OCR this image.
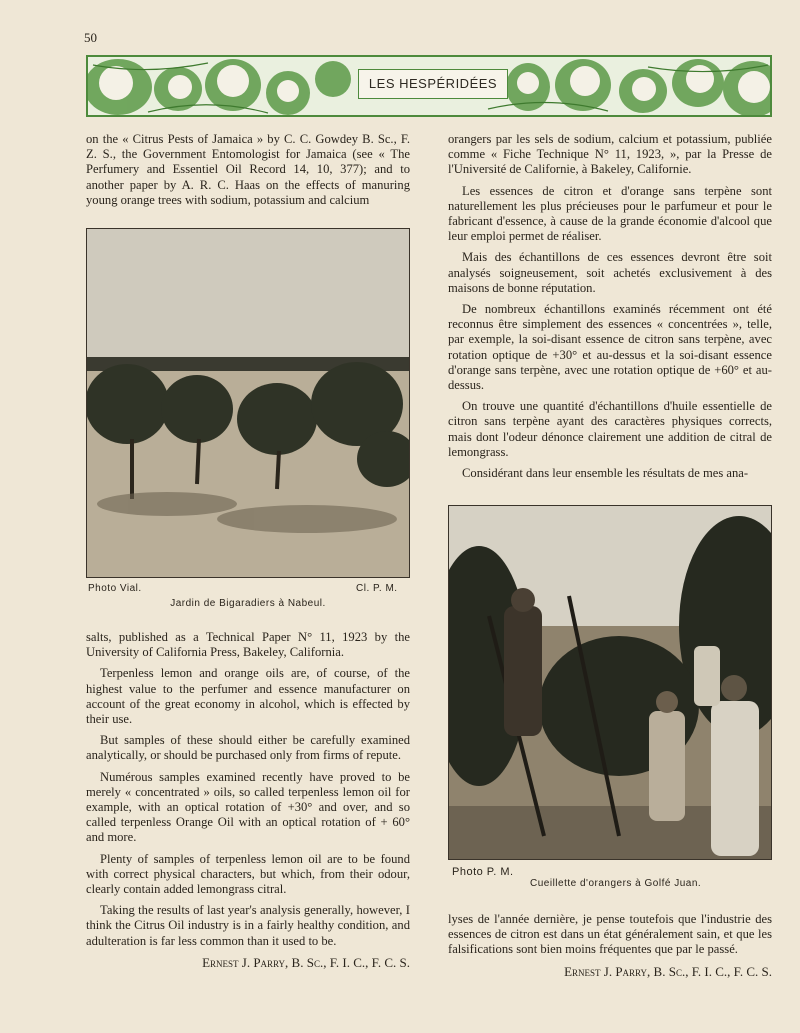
50
LES HESPÉRIDÉES

on the « Citrus Pests of Jamaica » by C. C. Gowdey B. Sc., F. Z. S., the Government Entomologist for Jamaica (see « The Perfumery and Essentiel Oil Record 14, 10, 377); and to another paper by A. R. C. Haas on the effects of manuring young orange trees with sodium, potassium and calcium

Photo Vial.	Cl. P. M.
Jardin de Bigaradiers à Nabeul.

salts, published as a Technical Paper N° 11, 1923 by the University of California Press, Bakeley, California.

Terpenless lemon and orange oils are, of course, of the highest value to the perfumer and essence manufacturer on account of the great economy in alcohol, which is effected by their use.

But samples of these should either be carefully examined analytically, or should be purchased only from firms of repute.

Numérous samples examined recently have proved to be merely « concentrated » oils, so called terpenless lemon oil for example, with an optical rotation of +30° and over, and so called terpenless Orange Oil with an optical rotation of + 60° and more.

Plenty of samples of terpenless lemon oil are to be found with correct physical characters, but which, from their odour, clearly contain added lemongrass citral.

Taking the results of last year's analysis generally, however, I think the Citrus Oil industry is in a fairly healthy condition, and adulteration is far less common than it used to be.

Ernest J. Parry, B. Sc., F. I. C., F. C. S.

orangers par les sels de sodium, calcium et potassium, publiée comme « Fiche Technique N° 11, 1923, », par la Presse de l'Université de Californie, à Bakeley, Californie.

Les essences de citron et d'orange sans terpène sont naturellement les plus précieuses pour le parfumeur et pour le fabricant d'essence, à cause de la grande économie d'alcool que leur emploi permet de réaliser.

Mais des échantillons de ces essences devront être soit analysés soigneusement, soit achetés exclusivement à des maisons de bonne réputation.

De nombreux échantillons examinés récemment ont été reconnus être simplement des essences « concentrées », telle, par exemple, la soi-disant essence de citron sans terpène, avec rotation optique de +30° et au-dessus et la soi-disant essence d'orange sans terpène, avec une rotation optique de +60° et au-dessus.

On trouve une quantité d'échantillons d'huile essentielle de citron sans terpène ayant des caractères physiques corrects, mais dont l'odeur dénonce clairement une addition de citral de lemongrass.

Considérant dans leur ensemble les résultats de mes ana-

Photo P. M.
Cueillette d'orangers à Golfé Juan.

lyses de l'année dernière, je pense toutefois que l'industrie des essences de citron est dans un état généralement sain, et que les falsifications sont bien moins fréquentes que par le passé.

Ernest J. Parry, B. Sc., F. I. C., F. C. S.
